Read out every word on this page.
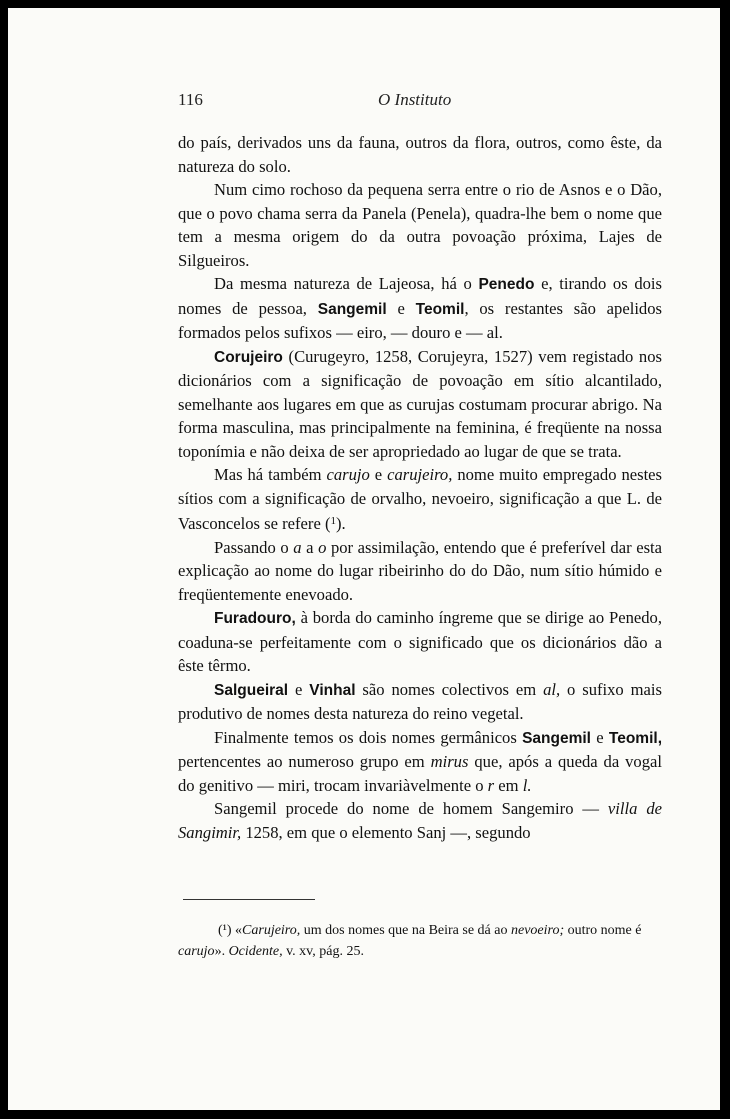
116	O Instituto

do país, derivados uns da fauna, outros da flora, outros, como êste, da natureza do solo.

Num cimo rochoso da pequena serra entre o rio de Asnos e o Dão, que o povo chama serra da Panela (Penela), quadra-lhe bem o nome que tem a mesma origem do da outra povoação próxima, Lajes de Silgueiros.

Da mesma natureza de Lajeosa, há o Penedo e, tirando os dois nomes de pessoa, Sangemil e Teomil, os restantes são apelidos formados pelos sufixos — eiro, — douro e — al.

Corujeiro (Curugeyro, 1258, Corujeyra, 1527) vem registado nos dicionários com a significação de povoação em sítio alcantilado, semelhante aos lugares em que as curujas costumam procurar abrigo. Na forma masculina, mas principalmente na feminina, é freqüente na nossa toponímia e não deixa de ser apropriedado ao lugar de que se trata.

Mas há também carujo e carujeiro, nome muito empregado nestes sítios com a significação de orvalho, nevoeiro, significação a que L. de Vasconcelos se refere ($^1$).

Passando o a a o por assimilação, entendo que é preferível dar esta explicação ao nome do lugar ribeirinho do do Dão, num sítio húmido e freqüentemente enevoado.

Furadouro, à borda do caminho íngreme que se dirige ao Penedo, coaduna-se perfeitamente com o significado que os dicionários dão a êste têrmo.

Salgueiral e Vinhal são nomes colectivos em al, o sufixo mais produtivo de nomes desta natureza do reino vegetal.

Finalmente temos os dois nomes germânicos Sangemil e Teomil, pertencentes ao numeroso grupo em mirus que, após a queda da vogal do genitivo — miri, trocam invariàvelmente o r em l.

Sangemil procede do nome de homem Sangemiro — villa de Sangimir, 1258, em que o elemento Sanj —, segundo

(¹) «Carujeiro, um dos nomes que na Beira se dá ao nevoeiro; outro nome é carujo». Ocidente, v. xv, pág. 25.
